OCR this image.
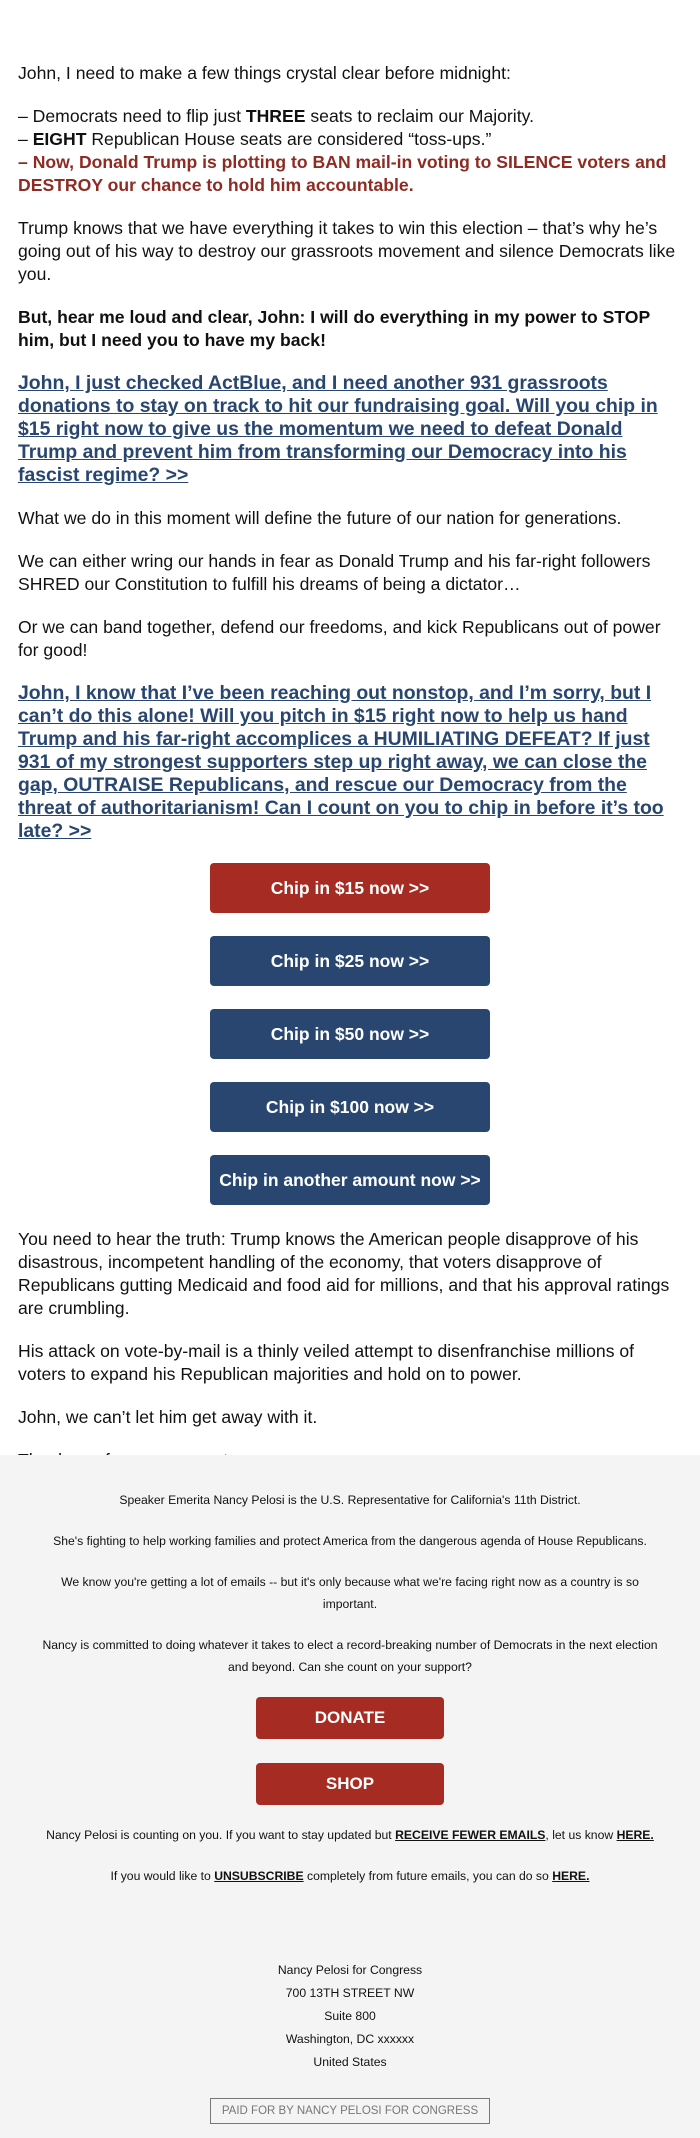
John, I need to make a few things crystal clear before midnight:

– Democrats need to flip just THREE seats to reclaim our Majority.
– EIGHT Republican House seats are considered “toss-ups.”
– Now, Donald Trump is plotting to BAN mail-in voting to SILENCE voters and DESTROY our chance to hold him accountable.

Trump knows that we have everything it takes to win this election – that’s why he’s going out of his way to destroy our grassroots movement and silence Democrats like you.

But, hear me loud and clear, John: I will do everything in my power to STOP him, but I need you to have my back!

John, I just checked ActBlue, and I need another 931 grassroots donations to stay on track to hit our fundraising goal. Will you chip in $15 right now to give us the momentum we need to defeat Donald Trump and prevent him from transforming our Democracy into his fascist regime? >>

What we do in this moment will define the future of our nation for generations.

We can either wring our hands in fear as Donald Trump and his far-right followers SHRED our Constitution to fulfill his dreams of being a dictator…

Or we can band together, defend our freedoms, and kick Republicans out of power for good!

John, I know that I’ve been reaching out nonstop, and I’m sorry, but I can’t do this alone! Will you pitch in $15 right now to help us hand Trump and his far-right accomplices a HUMILIATING DEFEAT? If just 931 of my strongest supporters step up right away, we can close the gap, OUTRAISE Republicans, and rescue our Democracy from the threat of authoritarianism! Can I count on you to chip in before it’s too late? >>
Chip in $15 now >>
Chip in $25 now >>
Chip in $50 now >>
Chip in $100 now >>
Chip in another amount now >>

You need to hear the truth: Trump knows the American people disapprove of his disastrous, incompetent handling of the economy, that voters disapprove of Republicans gutting Medicaid and food aid for millions, and that his approval ratings are crumbling.

His attack on vote-by-mail is a thinly veiled attempt to disenfranchise millions of voters to expand his Republican majorities and hold on to power.

John, we can’t let him get away with it.

Speaker Emerita Nancy Pelosi is the U.S. Representative for California's 11th District.

She's fighting to help working families and protect America from the dangerous agenda of House Republicans.

We know you're getting a lot of emails -- but it's only because what we're facing right now as a country is so important.

Nancy is committed to doing whatever it takes to elect a record-breaking number of Democrats in the next election and beyond. Can she count on your support?

DONATE
SHOP

Nancy Pelosi is counting on you. If you want to stay updated but RECEIVE FEWER EMAILS, let us know HERE.

If you would like to UNSUBSCRIBE completely from future emails, you can do so HERE.

Nancy Pelosi for Congress
700 13TH STREET NW
Suite 800
Washington, DC xxxxxx
United States
PAID FOR BY NANCY PELOSI FOR CONGRESS
